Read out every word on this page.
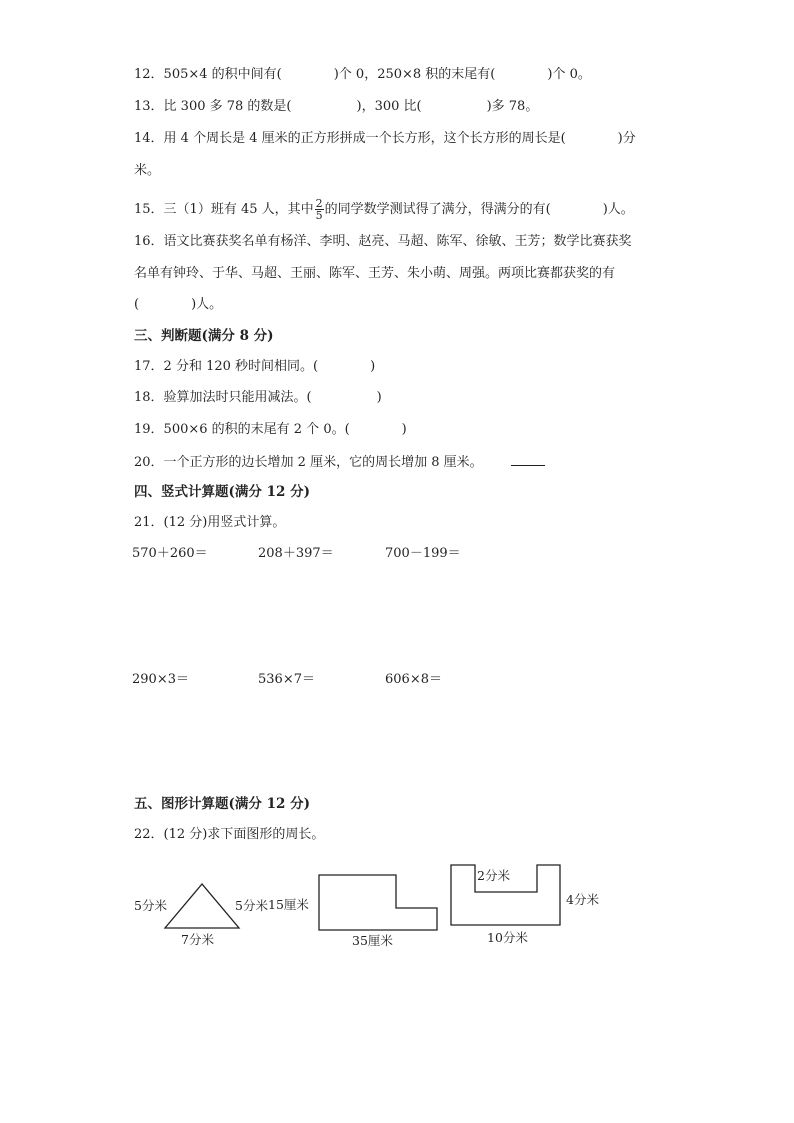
12．505×4 的积中间有(　　　　)个 0，250×8 积的末尾有(　　　　)个 0。
13．比 300 多 78 的数是(　　　　　)，300 比(　　　　　)多 78。
14．用 4 个周长是 4 厘米的正方形拼成一个长方形，这个长方形的周长是(　　　　)分
米。
15．三（1）班有 45 人，其中 $\frac{2}{5}$ 的同学数学测试得了满分，得满分的有(　　　　)人。
16．语文比赛获奖名单有杨洋、李明、赵亮、马超、陈军、徐敏、王芳；数学比赛获奖
名单有钟玲、于华、马超、王丽、陈军、王芳、朱小萌、周强。两项比赛都获奖的有
(　　　　)人。
三、判断题(满分 8 分)
17．2 分和 120 秒时间相同。(　　　　)
18．验算加法时只能用减法。(　　　　　)
19．500×6 的积的末尾有 2 个 0。(　　　　)
20．一个正方形的边长增加 2 厘米，它的周长增加 8 厘米。
四、竖式计算题(满分 12 分)
21．(12 分)用竖式计算。
570＋260＝	208＋397＝	700－199＝
290×3＝	536×7＝	606×8＝
五、图形计算题(满分 12 分)
22．(12 分)求下面图形的周长。
5分米	5分米
7分米
15厘米
35厘米
2分米
4分米
10分米
